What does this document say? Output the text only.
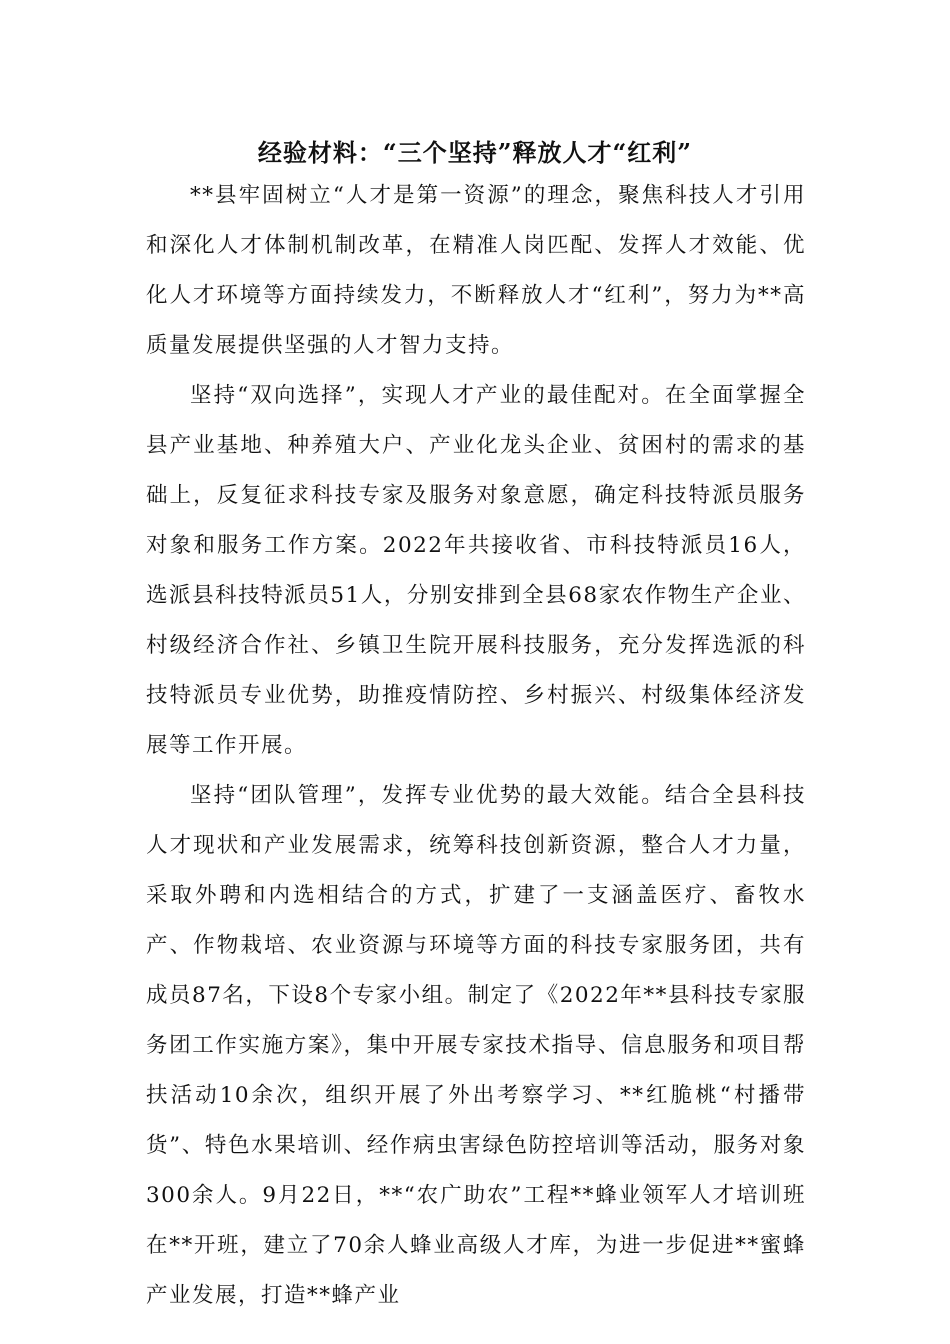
经验材料：“三个坚持”释放人才“红利”

**县牢固树立“人才是第一资源”的理念，聚焦科技人才引用和深化人才体制机制改革，在精准人岗匹配、发挥人才效能、优化人才环境等方面持续发力，不断释放人才“红利”，努力为**高质量发展提供坚强的人才智力支持。

坚持“双向选择”，实现人才产业的最佳配对。在全面掌握全县产业基地、种养殖大户、产业化龙头企业、贫困村的需求的基础上，反复征求科技专家及服务对象意愿，确定科技特派员服务对象和服务工作方案。2022年共接收省、市科技特派员16人，选派县科技特派员51人，分别安排到全县68家农作物生产企业、村级经济合作社、乡镇卫生院开展科技服务，充分发挥选派的科技特派员专业优势，助推疫情防控、乡村振兴、村级集体经济发展等工作开展。

坚持“团队管理”，发挥专业优势的最大效能。结合全县科技人才现状和产业发展需求，统筹科技创新资源，整合人才力量，采取外聘和内选相结合的方式，扩建了一支涵盖医疗、畜牧水产、作物栽培、农业资源与环境等方面的科技专家服务团，共有成员87名，下设8个专家小组。制定了《2022年**县科技专家服务团工作实施方案》，集中开展专家技术指导、信息服务和项目帮扶活动10余次，组织开展了外出考察学习、**红脆桃“村播带货”、特色水果培训、经作病虫害绿色防控培训等活动，服务对象300余人。9月22日，**“农广助农”工程**蜂业领军人才培训班在**开班，建立了70余人蜂业高级人才库，为进一步促进**蜜蜂产业发展，打造**蜂产业
